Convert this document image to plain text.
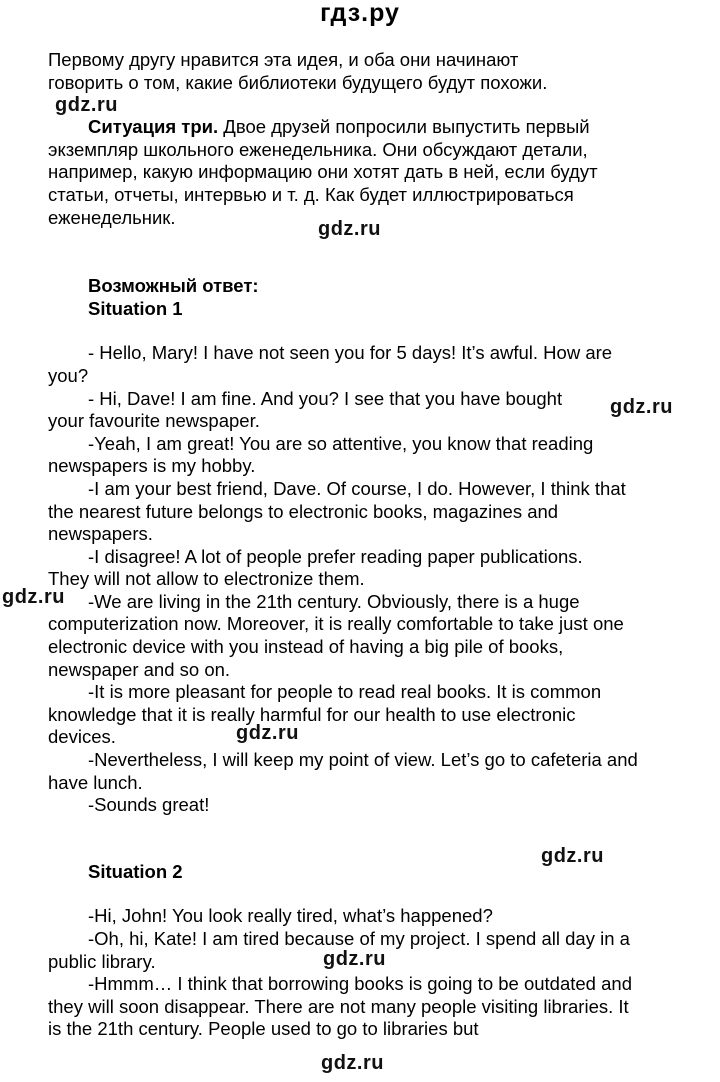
гдз.ру

Первому другу нравится эта идея, и оба они начинают говорить о том, какие библиотеки будущего будут похожи.

Ситуация три. Двое друзей попросили выпустить первый экземпляр школьного еженедельника. Они обсуждают детали, например, какую информацию они хотят дать в ней, если будут статьи, отчеты, интервью и т. д. Как будет иллюстрироваться еженедельник.

Возможный ответ:

Situation 1

- Hello, Mary! I have not seen you for 5 days! It’s awful. How are you?

- Hi, Dave! I am fine. And you? I see that you have bought your favourite newspaper.

-Yeah, I am great! You are so attentive, you know that reading newspapers is my hobby.

-I am your best friend, Dave. Of course, I do. However, I think that the nearest future belongs to electronic books, magazines and newspapers.

-I disagree! A lot of people prefer reading paper publications. They will not allow to electronize them.

-We are living in the 21th century. Obviously, there is a huge computerization now. Moreover, it is really comfortable to take just one electronic device with you instead of having a big pile of books, newspaper and so on.

-It is more pleasant for people to read real books. It is common knowledge that it is really harmful for our health to use electronic devices.

-Nevertheless, I will keep my point of view. Let’s go to cafeteria and have lunch.

-Sounds great!

Situation 2

-Hi, John! You look really tired, what’s happened?

-Oh, hi, Kate! I am tired because of my project. I spend all day in a public library.

-Hmmm… I think that borrowing books is going to be outdated and they will soon disappear. There are not many people visiting libraries. It is the 21th century. People used to go to libraries but

gdz.ru
gdz.ru
gdz.ru
gdz.ru
gdz.ru
gdz.ru
gdz.ru
gdz.ru
